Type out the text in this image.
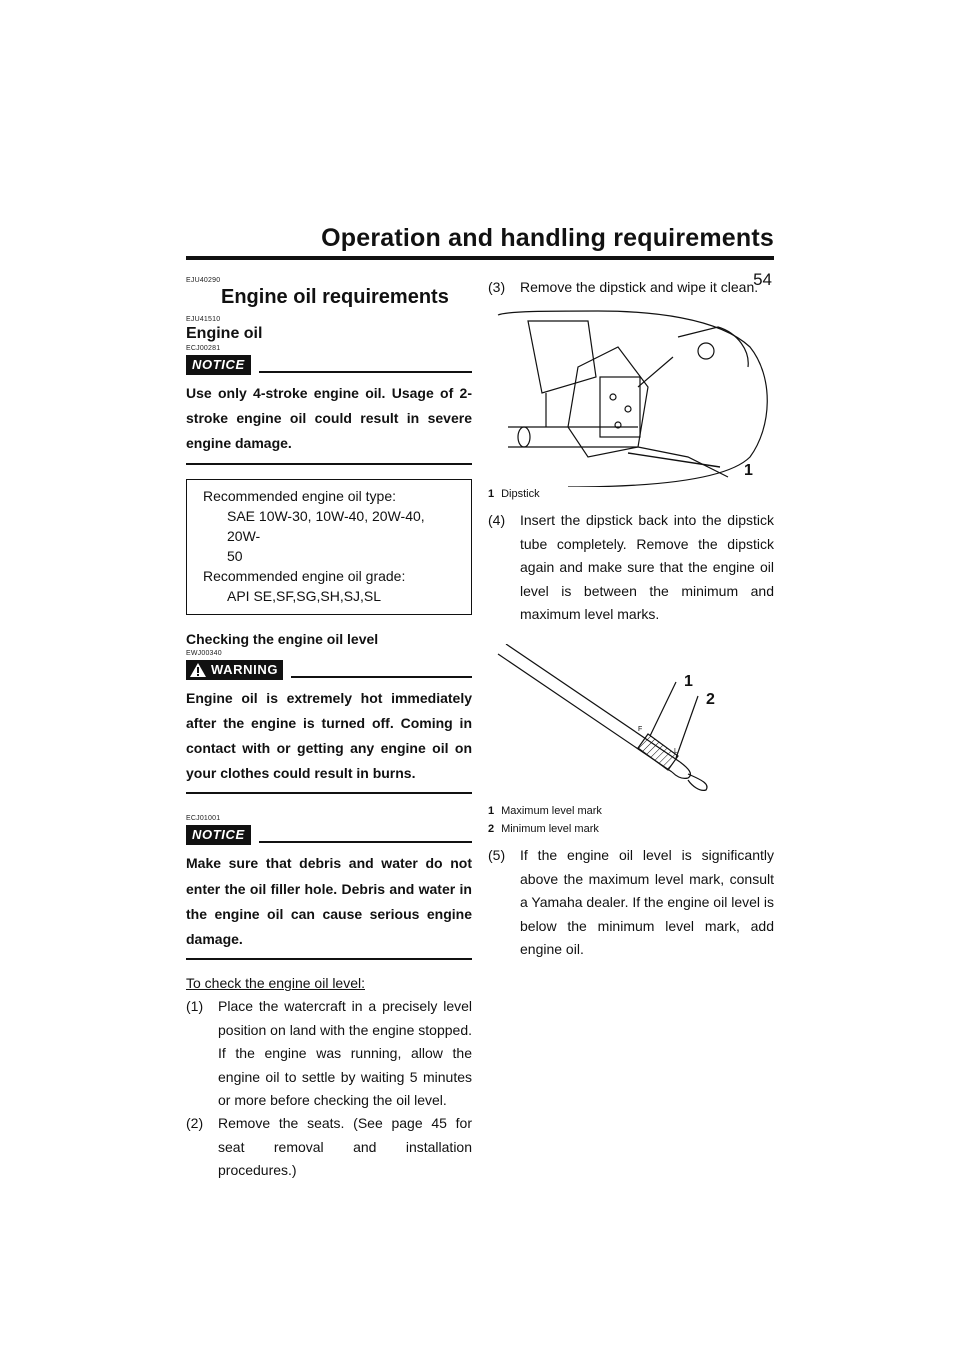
Operation and handling requirements
54
EJU40290
Engine oil requirements
EJU41510
Engine oil
ECJ00281
NOTICE
Use only 4-stroke engine oil. Usage of 2-stroke engine oil could result in severe engine damage.
Recommended engine oil type:
SAE 10W-30, 10W-40, 20W-40, 20W-
50
Recommended engine oil grade:
API SE,SF,SG,SH,SJ,SL
Checking the engine oil level
EWJ00340
WARNING
Engine oil is extremely hot immediately after the engine is turned off. Coming in contact with or getting any engine oil on your clothes could result in burns.
ECJ01001
NOTICE
Make sure that debris and water do not enter the oil filler hole. Debris and water in the engine oil can cause serious engine damage.
To check the engine oil level:
(1) Place the watercraft in a precisely level position on land with the engine stopped. If the engine was running, allow the engine oil to settle by waiting 5 minutes or more before checking the oil level.
(2) Remove the seats. (See page 45 for seat removal and installation procedures.)
(3) Remove the dipstick and wipe it clean.
1
1 Dipstick
(4) Insert the dipstick back into the dipstick tube completely. Remove the dipstick again and make sure that the engine oil level is between the minimum and maximum level marks.
1
2
F
L
1 Maximum level mark
2 Minimum level mark
(5) If the engine oil level is significantly above the maximum level mark, consult a Yamaha dealer. If the engine oil level is below the minimum level mark, add engine oil.
